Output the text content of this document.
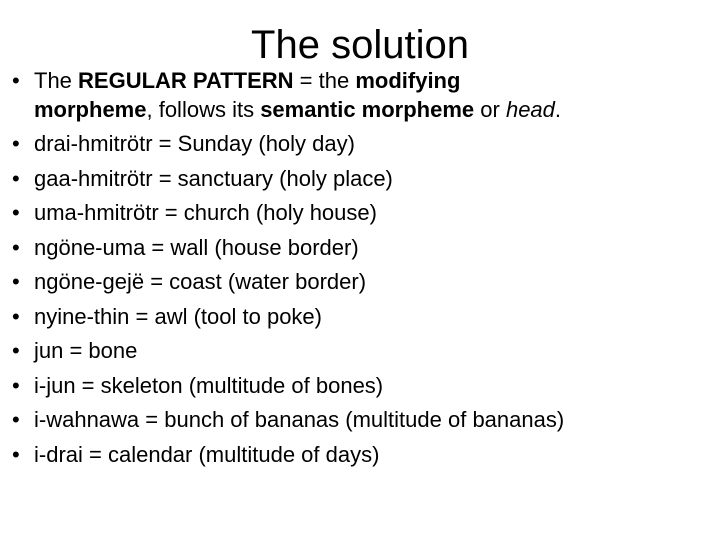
The solution
• The REGULAR PATTERN = the modifying
morpheme, follows its semantic morpheme or head.
• drai-hmitrötr = Sunday (holy day)
• gaa-hmitrötr = sanctuary (holy place)
• uma-hmitrötr = church (holy house)
• ngöne-uma = wall (house border)
• ngöne-gejë = coast (water border)
• nyine-thin = awl (tool to poke)
• jun = bone
• i-jun = skeleton (multitude of bones)
• i-wahnawa = bunch of bananas (multitude of bananas)
• i-drai = calendar (multitude of days)
